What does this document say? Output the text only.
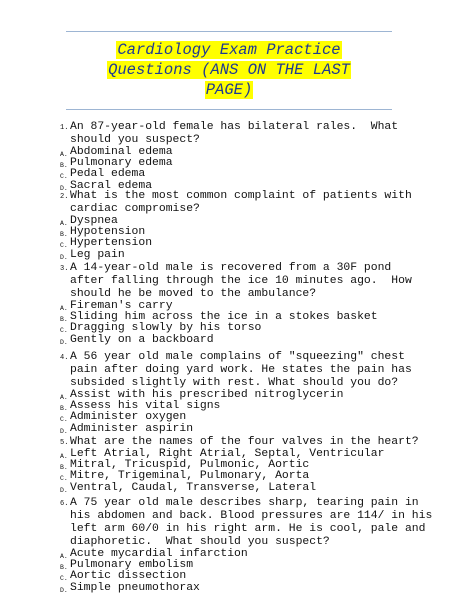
Cardiology Exam Practice
Questions (ANS ON THE LAST
PAGE)
1. An 87-year-old female has bilateral rales.  What
should you suspect?
A. Abdominal edema
B. Pulmonary edema
C. Pedal edema
D. Sacral edema
2. What is the most common complaint of patients with
cardiac compromise?
A. Dyspnea
B. Hypotension
C. Hypertension
D. Leg pain
3. A 14-year-old male is recovered from a 30F pond
after falling through the ice 10 minutes ago.  How
should he be moved to the ambulance?
A. Fireman's carry
B. Sliding him across the ice in a stokes basket
C. Dragging slowly by his torso
D. Gently on a backboard
4. A 56 year old male complains of "squeezing" chest
pain after doing yard work. He states the pain has
subsided slightly with rest. What should you do?
A. Assist with his prescribed nitroglycerin
B. Assess his vital signs
C. Administer oxygen
D. Administer aspirin
5. What are the names of the four valves in the heart?
A. Left Atrial, Right Atrial, Septal, Ventricular
B. Mitral, Tricuspid, Pulmonic, Aortic
C. Mitre, Trigeminal, Pulmonary, Aorta
D. Ventral, Caudal, Transverse, Lateral
6. A 75 year old male describes sharp, tearing pain in
his abdomen and back. Blood pressures are 114/ in his
left arm 60/0 in his right arm. He is cool, pale and
diaphoretic.  What should you suspect?
A. Acute mycardial infarction
B. Pulmonary embolism
C. Aortic dissection
D. Simple pneumothorax
